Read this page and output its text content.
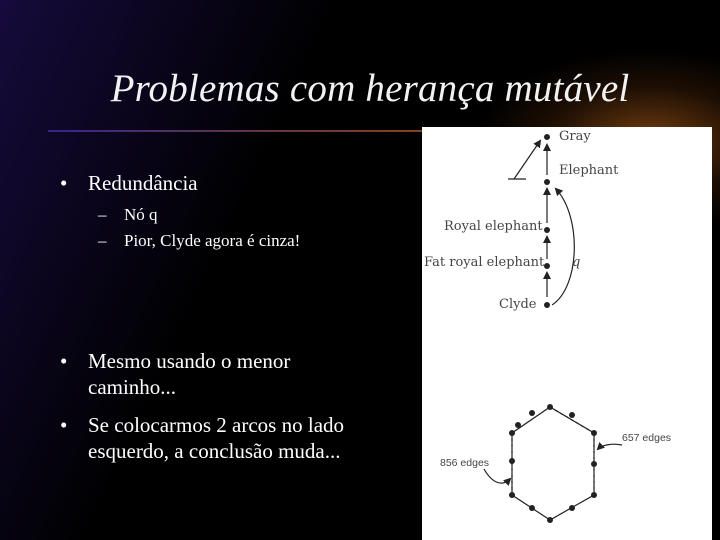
Problemas com herança mutável
• Redundância
– Nó q
– Pior, Clyde agora é cinza!
• Mesmo usando o menor caminho...
• Se colocarmos 2 arcos no lado esquerdo, a conclusão muda...
Gray
Elephant
Royal elephant
Fat royal elephant
Clyde
q
856 edges
657 edges
